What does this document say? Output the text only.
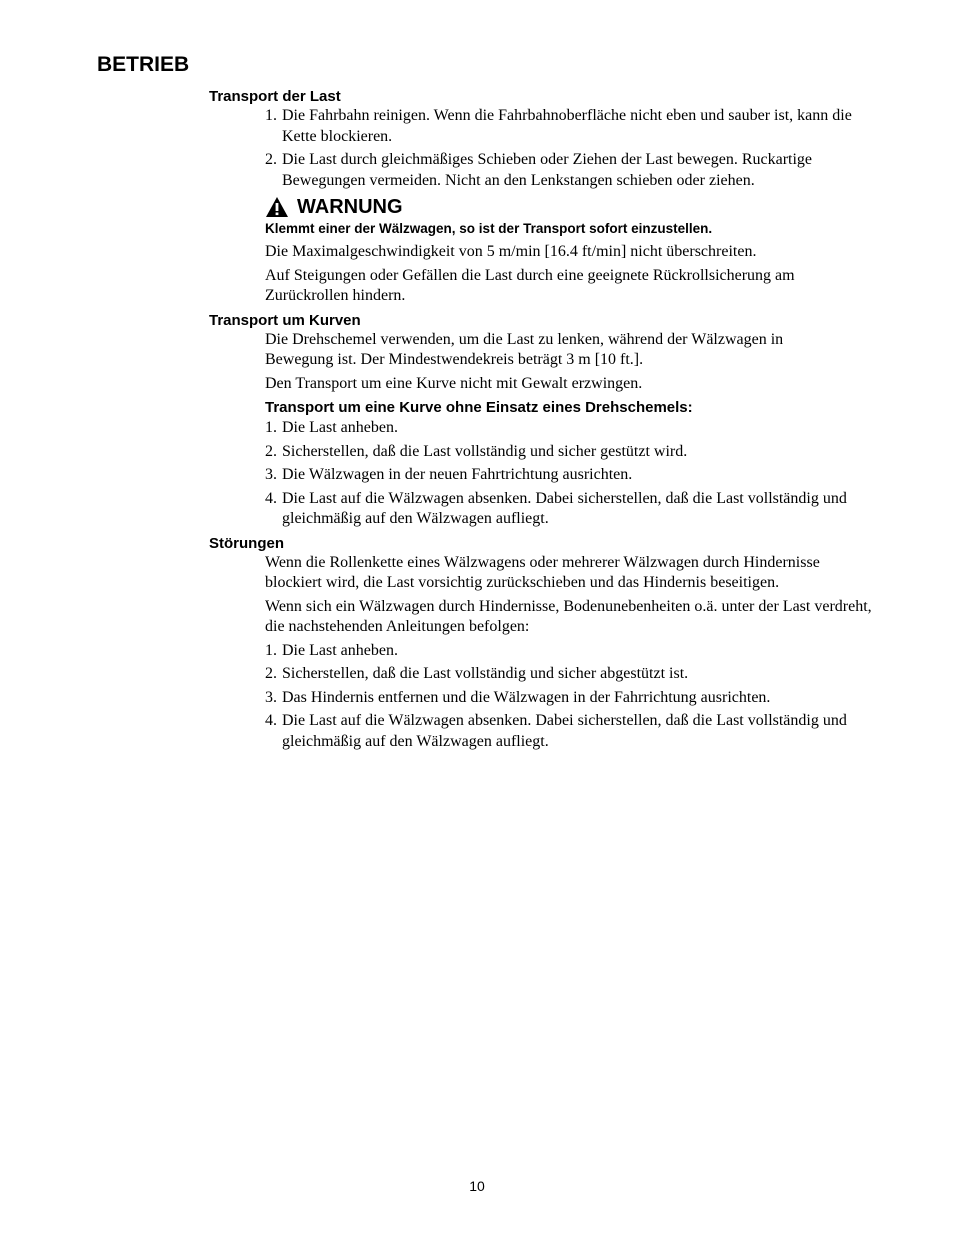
BETRIEB
Transport der Last
1. Die Fahrbahn reinigen. Wenn die Fahrbahnoberfläche nicht eben und sauber ist, kann die Kette blockieren.
2. Die Last durch gleichmäßiges Schieben oder Ziehen der Last bewegen. Ruckartige Bewegungen vermeiden. Nicht an den Lenkstangen schieben oder ziehen.
WARNUNG

Klemmt einer der Wälzwagen, so ist der Transport sofort einzustellen.

Die Maximalgeschwindigkeit von 5 m/min [16.4 ft/min] nicht überschreiten.

Auf Steigungen oder Gefällen die Last durch eine geeignete Rückrollsicherung am Zurückrollen hindern.

Transport um Kurven

Die Drehschemel verwenden, um die Last zu lenken, während der Wälzwagen in Bewegung ist. Der Mindestwendekreis beträgt 3 m [10 ft.].

Den Transport um eine Kurve nicht mit Gewalt erzwingen.

Transport um eine Kurve ohne Einsatz eines Drehschemels:
1. Die Last anheben.
2. Sicherstellen, daß die Last vollständig und sicher gestützt wird.
3. Die Wälzwagen in der neuen Fahrtrichtung ausrichten.
4. Die Last auf die Wälzwagen absenken. Dabei sicherstellen, daß die Last vollständig und gleichmäßig auf den Wälzwagen aufliegt.
Störungen

Wenn die Rollenkette eines Wälzwagens oder mehrerer Wälzwagen durch Hindernisse blockiert wird, die Last vorsichtig zurückschieben und das Hindernis beseitigen.

Wenn sich ein Wälzwagen durch Hindernisse, Bodenunebenheiten o.ä. unter der Last verdreht, die nachstehenden Anleitungen befolgen:

1. Die Last anheben.
2. Sicherstellen, daß die Last vollständig und sicher abgestützt ist.
3. Das Hindernis entfernen und die Wälzwagen in der Fahrrichtung ausrichten.
4. Die Last auf die Wälzwagen absenken. Dabei sicherstellen, daß die Last vollständig und gleichmäßig auf den Wälzwagen aufliegt.
10
